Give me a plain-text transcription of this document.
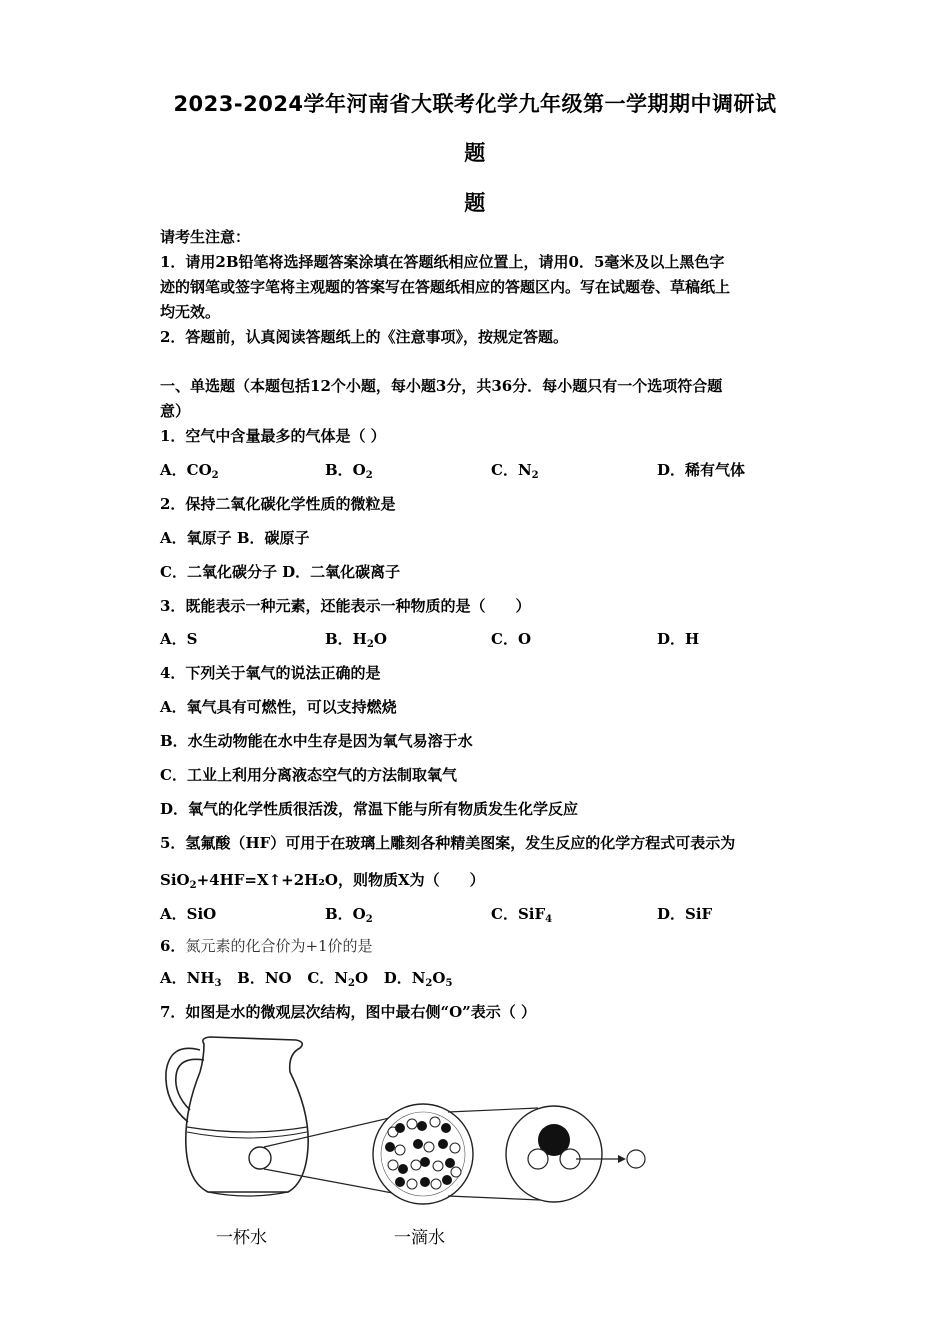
2023-2024学年河南省大联考化学九年级第一学期期中调研试
题
题
请考生注意：
1．请用2B铅笔将选择题答案涂填在答题纸相应位置上，请用0．5毫米及以上黑色字
迹的钢笔或签字笔将主观题的答案写在答题纸相应的答题区内。写在试题卷、草稿纸上
均无效。
2．答题前，认真阅读答题纸上的《注意事项》，按规定答题。
一、单选题（本题包括12个小题，每小题3分，共36分．每小题只有一个选项符合题
意）
1．空气中含量最多的气体是（ ）
A．$CO_2$	B．$O_2$	C．$N_2$	D．稀有气体
2．保持二氧化碳化学性质的微粒是
A．氧原子 B．碳原子
C．二氧化碳分子 D．二氧化碳离子
3．既能表示一种元素，还能表示一种物质的是（　　）
A．S	B．$H_2O$	C．O	D．H
4．下列关于氧气的说法正确的是
A．氧气具有可燃性，可以支持燃烧
B．水生动物能在水中生存是因为氧气易溶于水
C．工业上利用分离液态空气的方法制取氧气
D．氧气的化学性质很活泼，常温下能与所有物质发生化学反应
5．氢氟酸（HF）可用于在玻璃上雕刻各种精美图案，发生反应的化学方程式可表示为
SiO$_2$+4HF=X↑+2H₂O，则物质X为（　　）
A．SiO	B．$O_2$	C．SiF$_4$	D．SiF
6．氮元素的化合价为+1价的是
A．$NH_3$ B．NO C．$N_2O$ D．$N_2O_5$
7．如图是水的微观层次结构，图中最右侧“O”表示（ ）
一杯水	一滴水
